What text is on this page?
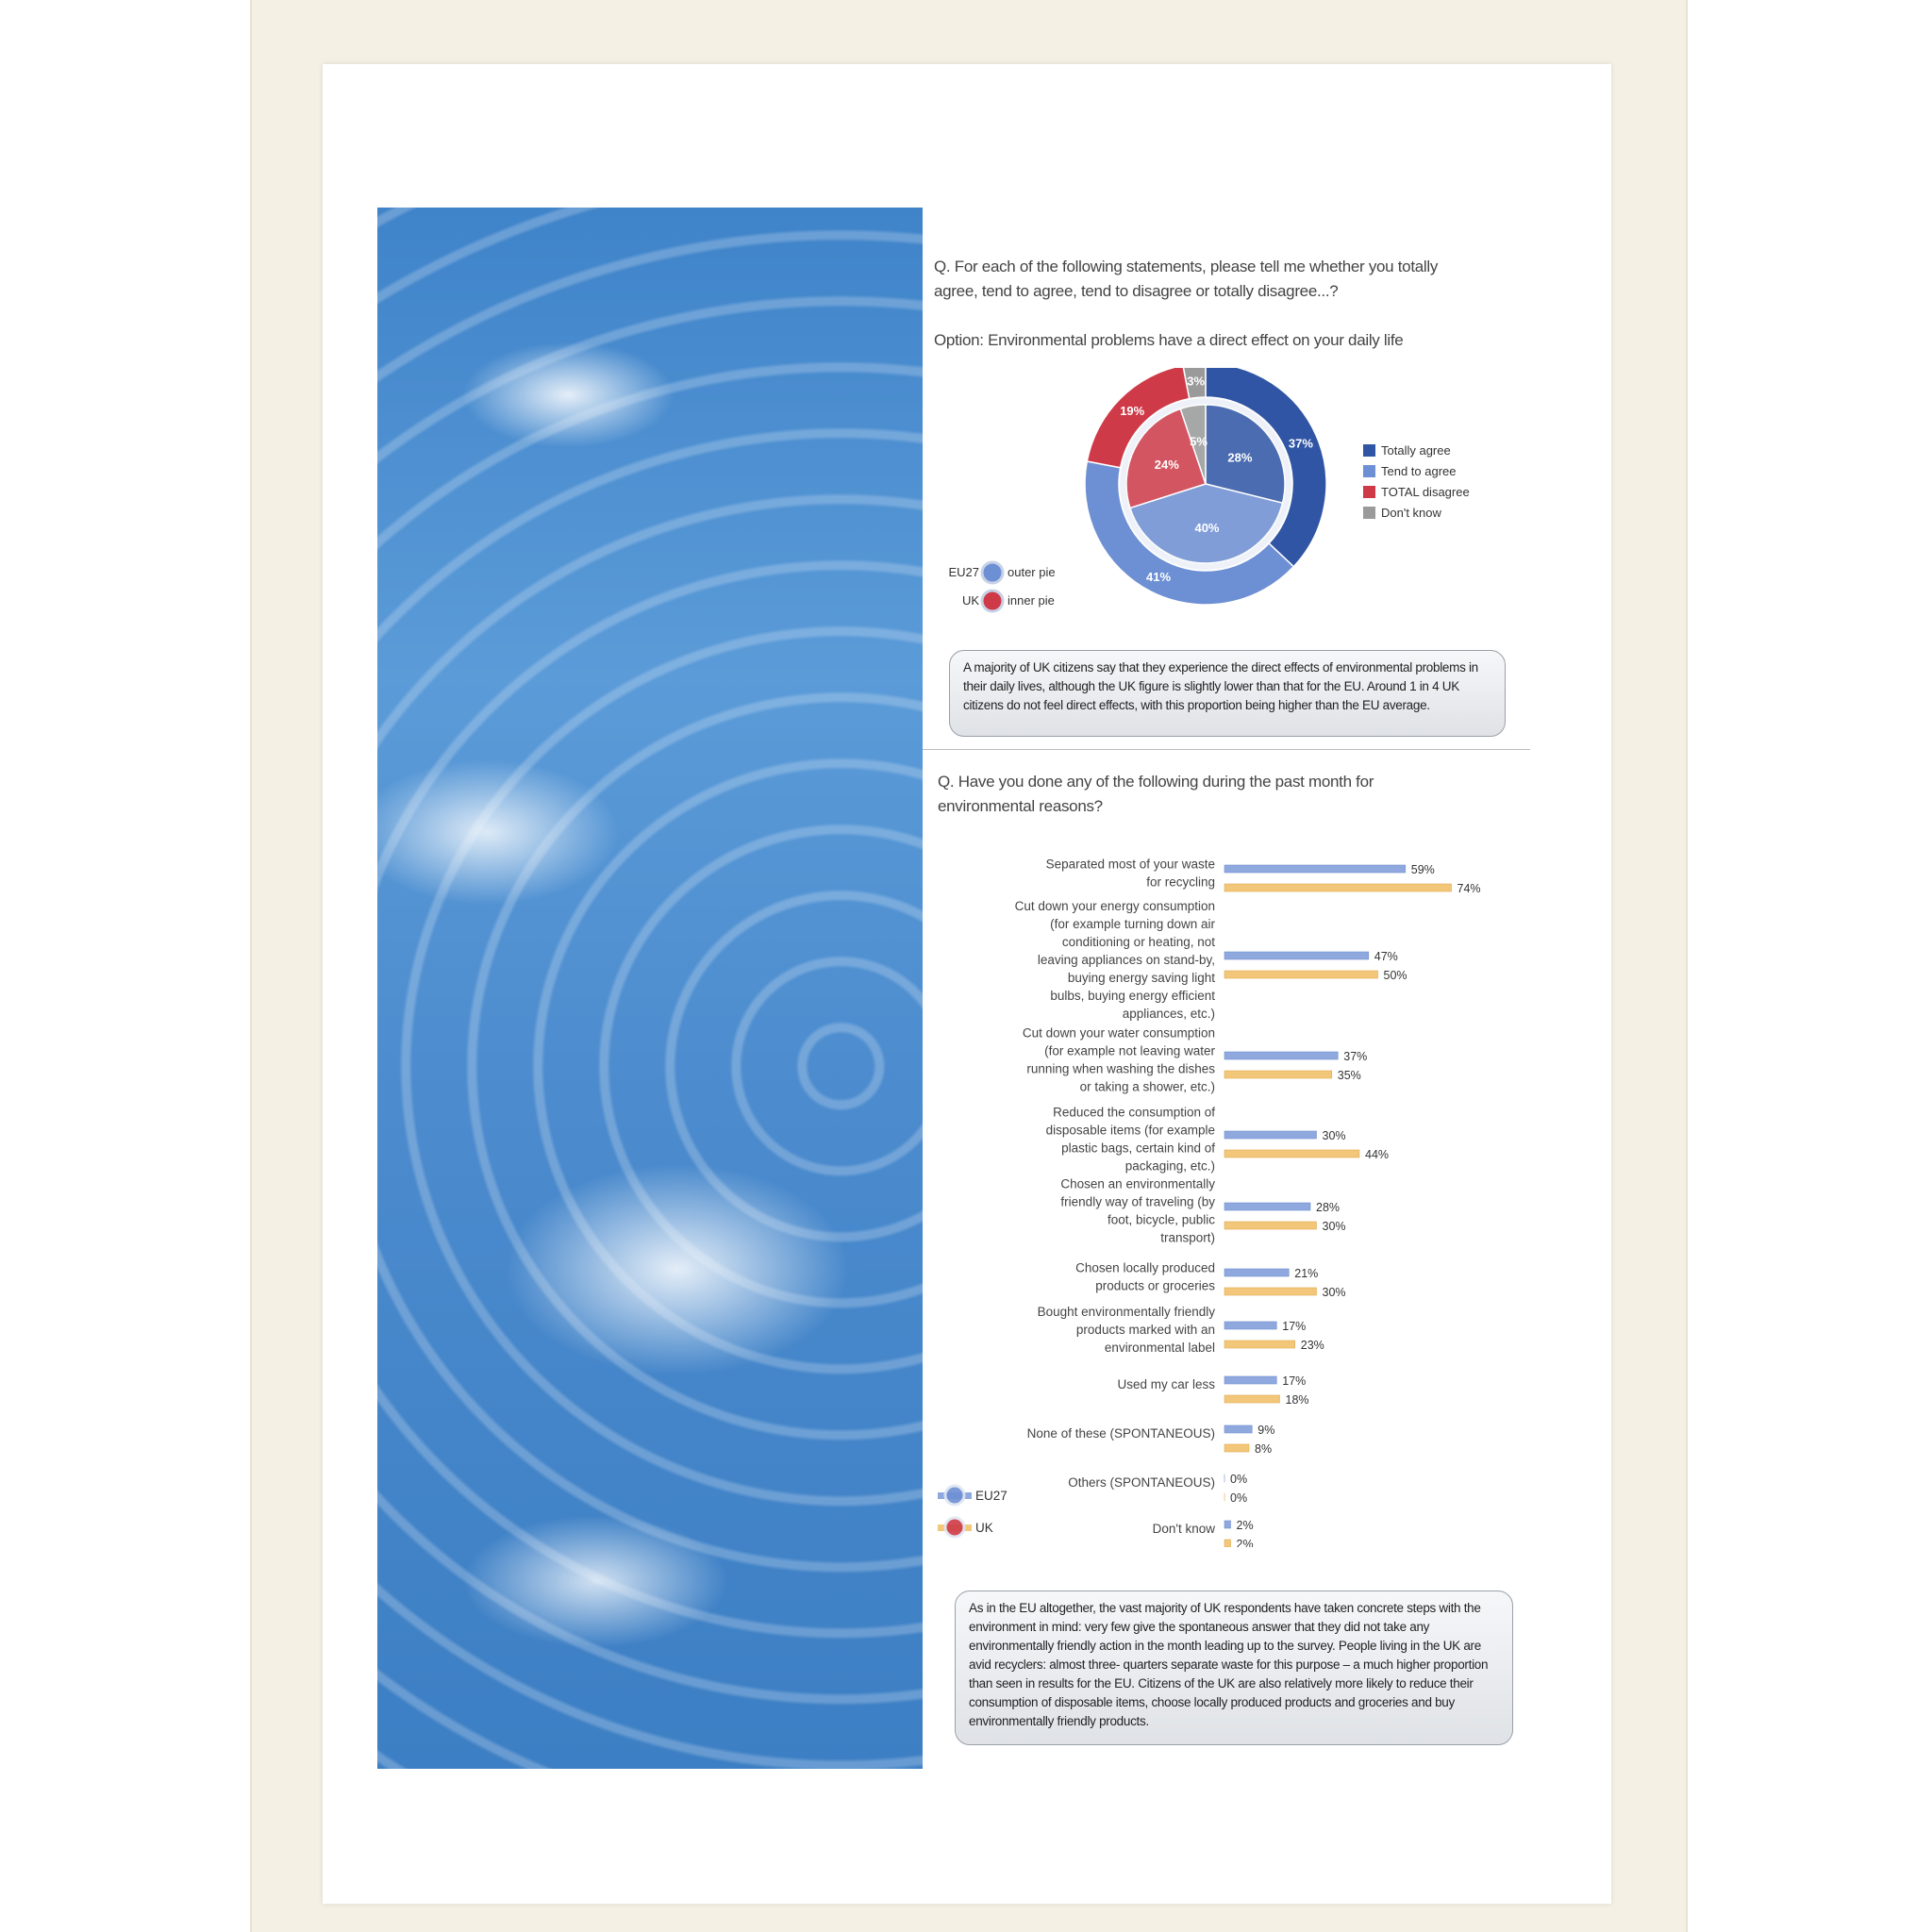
Q. For each of the following statements, please tell me whether you totally agree, tend to agree, tend to disagree or totally disagree...?
Option: Environmental problems have a direct effect on your daily life
37%
41%
19%
3%
28%
40%
24%
5%
Totally agree
Tend to agree
TOTAL disagree
Don't know
EU27 outer pie
UK inner pie
A majority of UK citizens say that they experience the direct effects of environmental problems in their daily lives, although the UK figure is slightly lower than that for the EU. Around 1 in 4 UK citizens do not feel direct effects, with this proportion being higher than the EU average.
Q. Have you done any of the following during the past month for environmental reasons?
Separated most of your waste for recycling
59%
74%
Cut down your energy consumption (for example turning down air conditioning or heating, not leaving appliances on stand-by, buying energy saving light bulbs, buying energy efficient appliances, etc.)
47%
50%
Cut down your water consumption (for example not leaving water running when washing the dishes or taking a shower, etc.)
37%
35%
Reduced the consumption of disposable items (for example plastic bags, certain kind of packaging, etc.)
30%
44%
Chosen an environmentally friendly way of traveling (by foot, bicycle, public transport)
28%
30%
Chosen locally produced products or groceries
21%
30%
Bought environmentally friendly products marked with an environmental label
17%
23%
Used my car less	17%
18%
None of these (SPONTANEOUS)	9%
8%
Others (SPONTANEOUS) 0%
0%
Don't know 2%
2%
EU27
UK
As in the EU altogether, the vast majority of UK respondents have taken concrete steps with the environment in mind: very few give the spontaneous answer that they did not take any environmentally friendly action in the month leading up to the survey. People living in the UK are avid recyclers: almost three- quarters separate waste for this purpose – a much higher proportion than seen in results for the EU. Citizens of the UK are also relatively more likely to reduce their consumption of disposable items, choose locally produced products and groceries and buy environmentally friendly products.
